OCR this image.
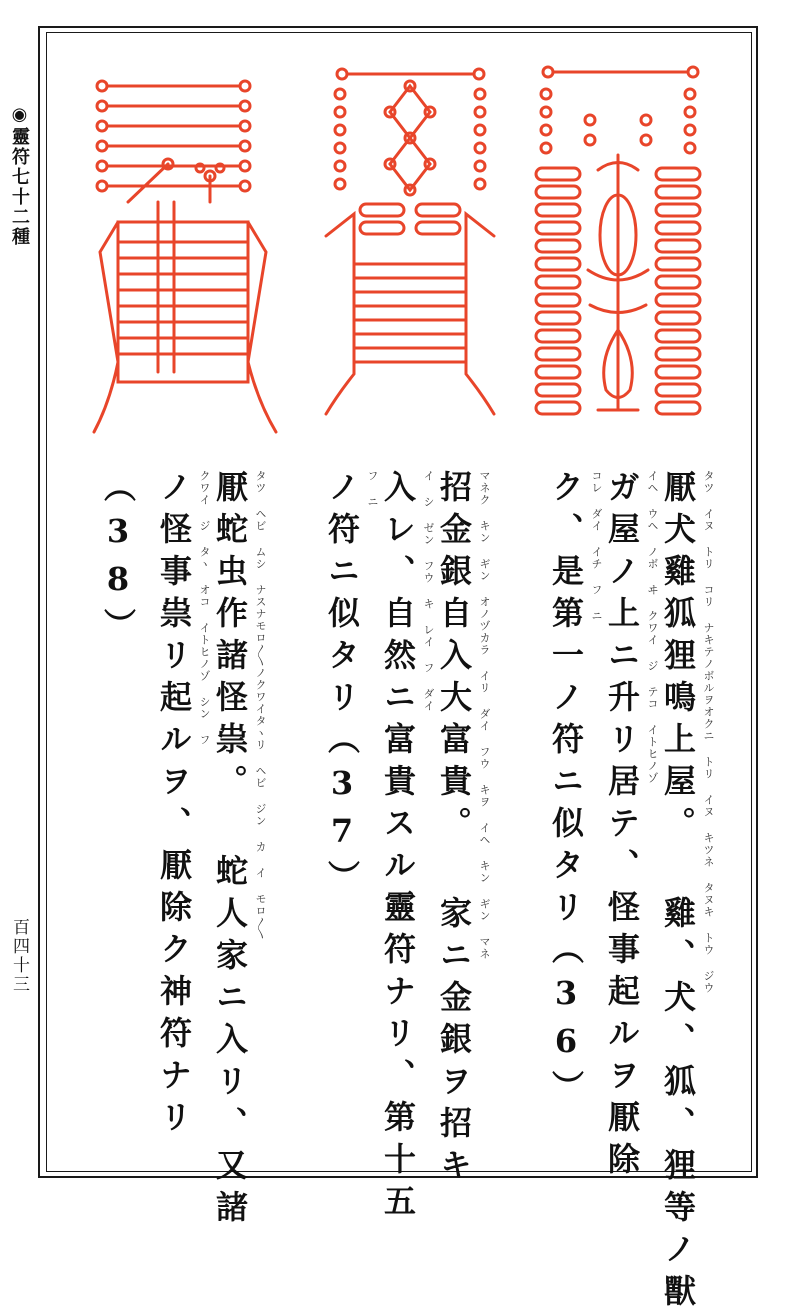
◉靈符七十二種
百四十三	厭犬雞狐狸鳴上屋。 雞、犬、狐、狸等ノ獸 タツ イヌ トリ コリ ナキテノボルヲオクニ トリ イヌ キツネ タヌキ トウ ジウ
ガ屋ノ上ニ升リ居テ、怪事起ルヲ厭除 イヘ ウヘ ノボ ヰ クワイ ジ テコ イトヒノゾ
ク、是第一ノ符ニ似タリ（36） コレ ダイ イチ フ ニ
招金銀自入大富貴。 家ニ金銀ヲ招キ マネク キン ギン オノヅカラ イリ ダイ フウ キヲ イヘ キン ギン マネ
入レ、自然ニ富貴スル靈符ナリ、第十五 イ シ ゼン フウ キ レイ フ ダイ
ノ符ニ似タリ（37） フ ニ
厭蛇虫作諸怪祟。 蛇人家ニ入リ、又諸 タツ ヘビ ムシ ナスナモロ〳〵ノクワイタヽリ ヘビ ジン カ イ モロ〳〵
ノ怪事祟リ起ルヲ、厭除ク神符ナリ クワイ ジ タヽ オコ イトヒノゾ シン フ
（38）
